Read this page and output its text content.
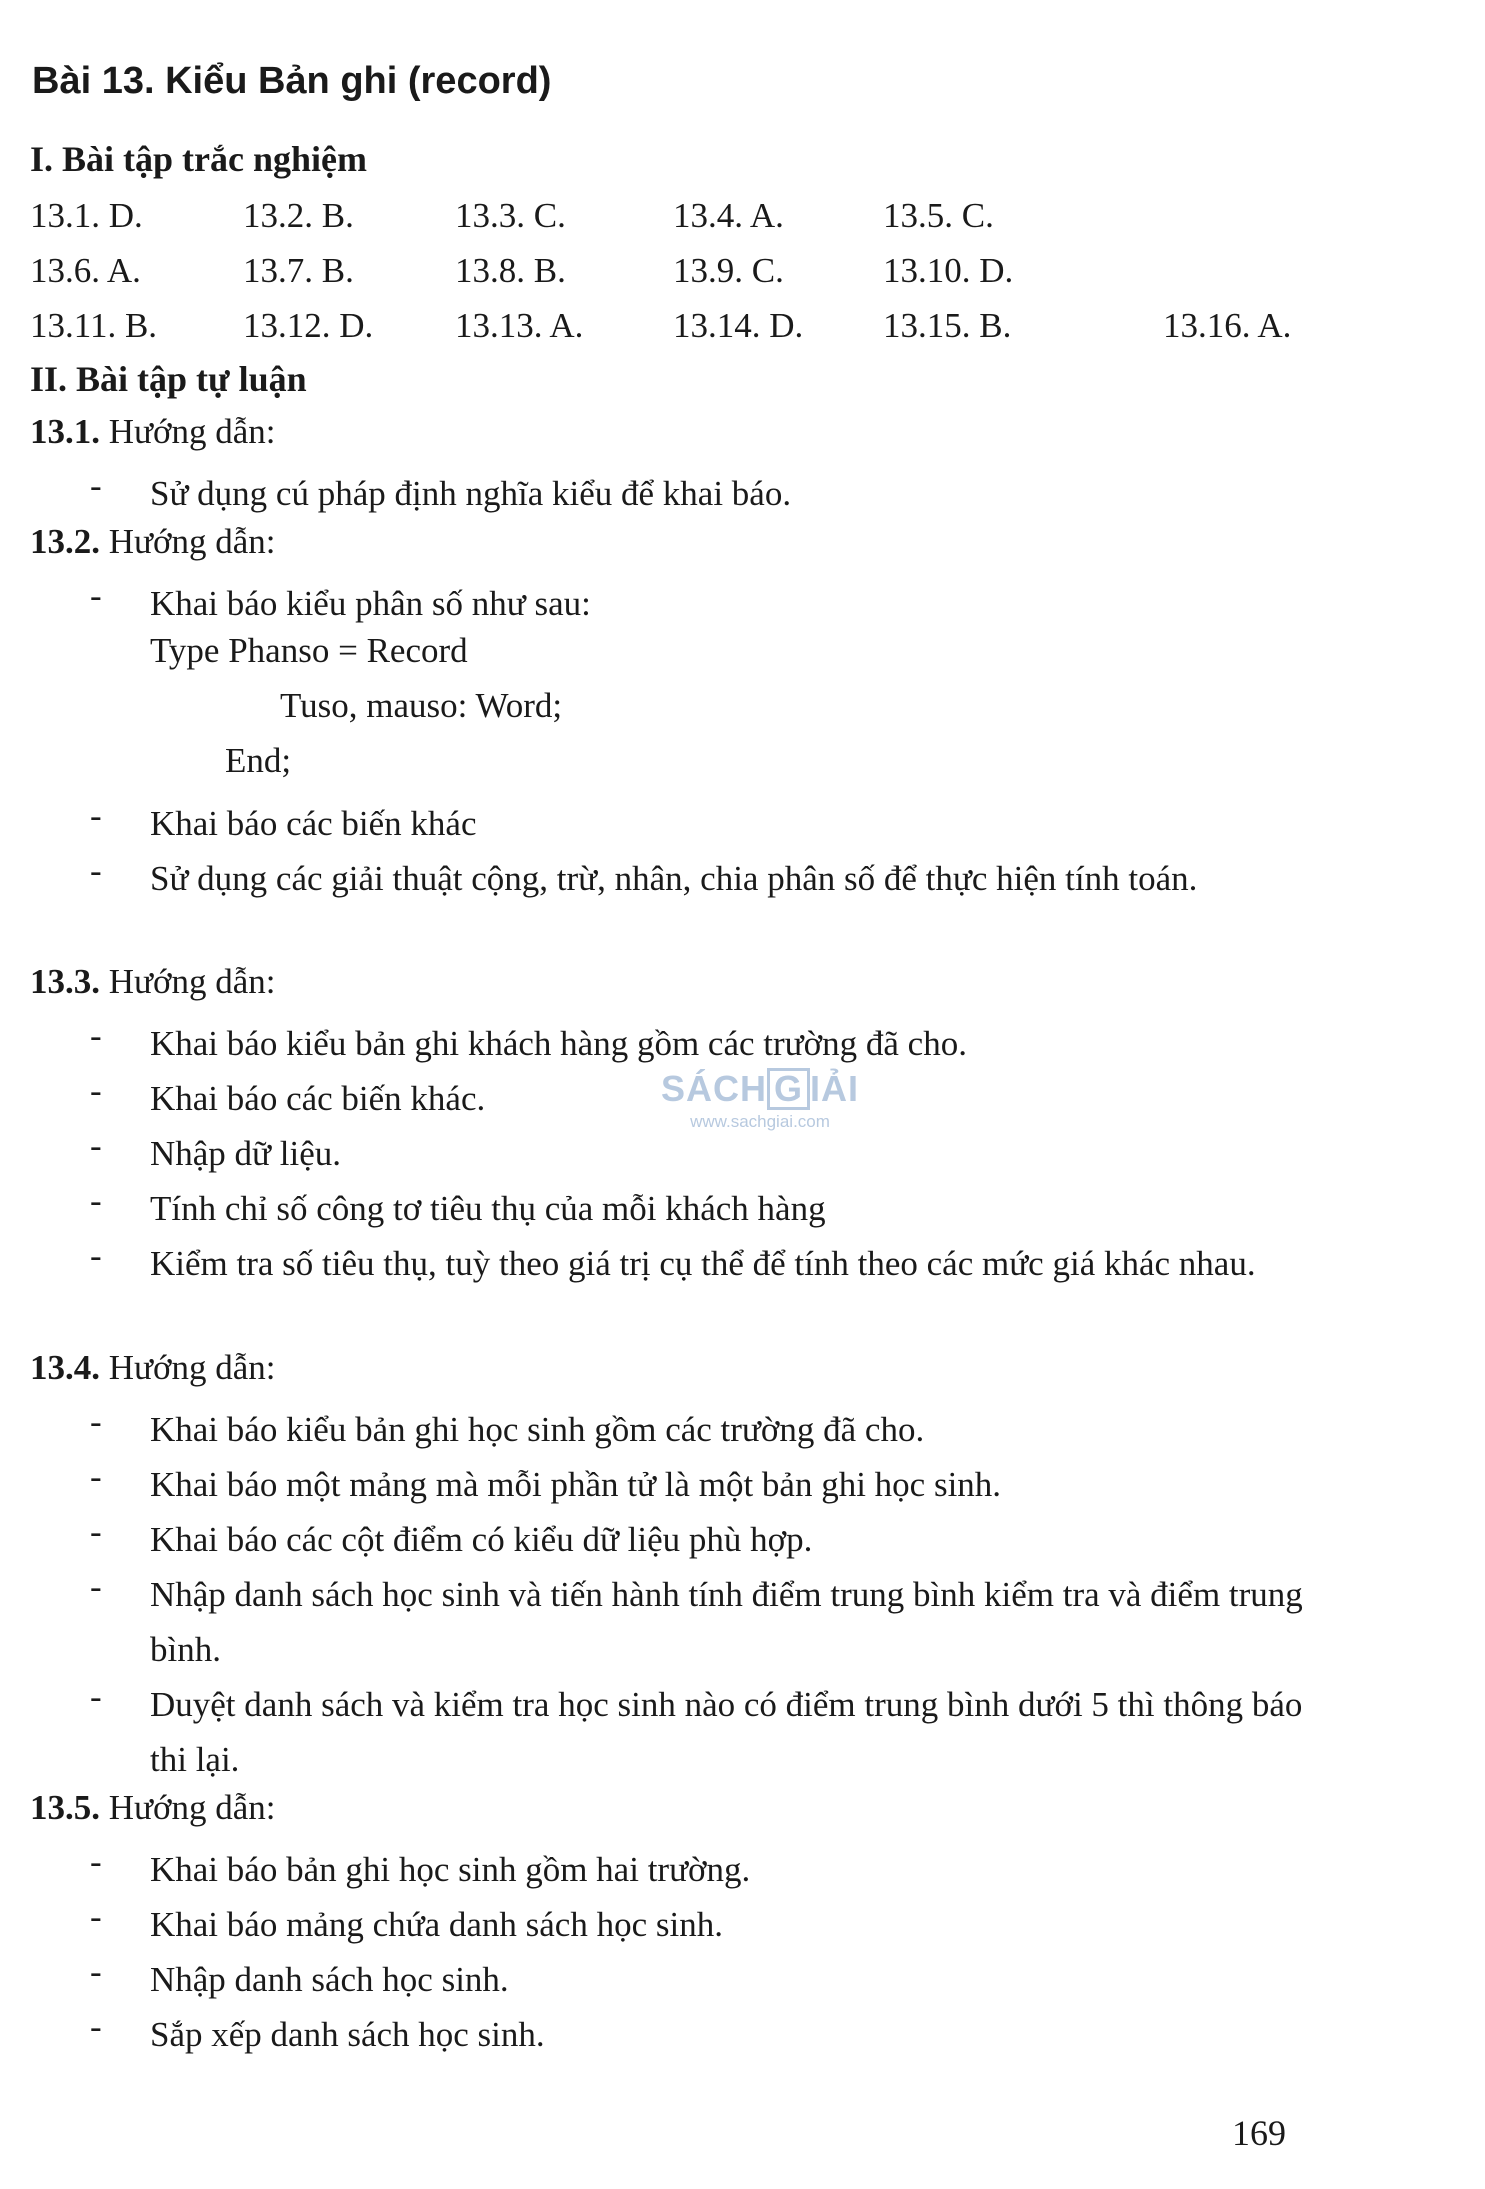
Bài 13. Kiểu Bản ghi (record)
I. Bài tập trắc nghiệm
13.1. D.	13.2. B.	13.3. C.	13.4. A.	13.5. C.
13.6. A.	13.7. B.	13.8. B.	13.9. C.	13.10. D.
13.11. B. 13.12. D. 13.13. A.	13.14. D. 13.15. B.	13.16. A.
II. Bài tập tự luận
13.1. Hướng dẫn:
- Sử dụng cú pháp định nghĩa kiểu để khai báo.
13.2. Hướng dẫn:
- Khai báo kiểu phân số như sau:
Type Phanso = Record
Tuso, mauso: Word;
End;
- Khai báo các biến khác
- Sử dụng các giải thuật cộng, trừ, nhân, chia phân số để thực hiện tính toán.
13.3. Hướng dẫn:
- Khai báo kiểu bản ghi khách hàng gồm các trường đã cho.
- Khai báo các biến khác.
- Nhập dữ liệu.
- Tính chỉ số công tơ tiêu thụ của mỗi khách hàng
- Kiểm tra số tiêu thụ, tuỳ theo giá trị cụ thể để tính theo các mức giá khác nhau.
13.4. Hướng dẫn:
- Khai báo kiểu bản ghi học sinh gồm các trường đã cho.
- Khai báo một mảng mà mỗi phần tử là một bản ghi học sinh.
- Khai báo các cột điểm có kiểu dữ liệu phù hợp.
- Nhập danh sách học sinh và tiến hành tính điểm trung bình kiểm tra và điểm trung bình.
- Duyệt danh sách và kiểm tra học sinh nào có điểm trung bình dưới 5 thì thông báo thi lại.
13.5. Hướng dẫn:
- Khai báo bản ghi học sinh gồm hai trường.
- Khai báo mảng chứa danh sách học sinh.
- Nhập danh sách học sinh.
- Sắp xếp danh sách học sinh.
SÁCH G IẢI
www.sachgiai.com
169
